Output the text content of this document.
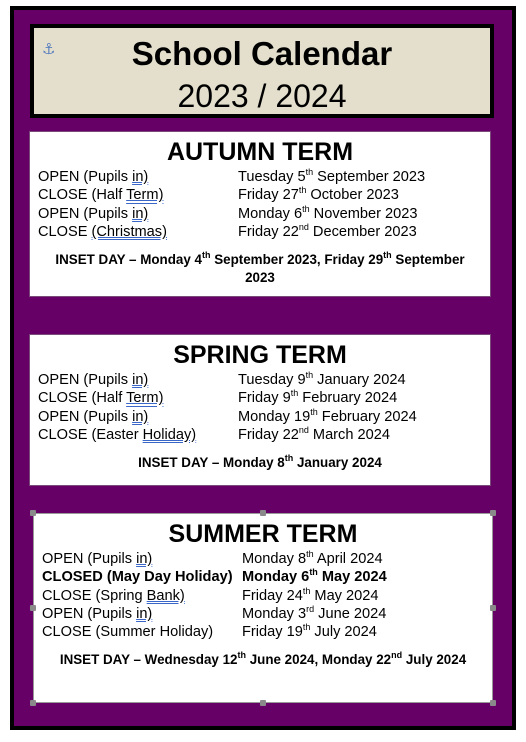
⚓	School Calendar
2023 / 2024
AUTUMN TERM
OPEN (Pupils in)	Tuesday 5th September 2023
CLOSE (Half Term)	Friday 27th October 2023
OPEN (Pupils in)	Monday 6th November 2023
CLOSE (Christmas)	Friday 22nd December 2023
INSET DAY – Monday 4th September 2023, Friday 29th September 2023
SPRING TERM
OPEN (Pupils in)	Tuesday 9th January 2024
CLOSE (Half Term)	Friday 9th February 2024
OPEN (Pupils in)	Monday 19th February 2024
CLOSE (Easter Holiday)	Friday 22nd March 2024
INSET DAY – Monday 8th January 2024
SUMMER TERM
OPEN (Pupils in)	Monday 8th April 2024
CLOSED (May Day Holiday) Monday 6th May 2024
CLOSE (Spring Bank)	Friday 24th May 2024
OPEN (Pupils in)	Monday 3rd June 2024
CLOSE (Summer Holiday) Friday 19th July 2024
INSET DAY – Wednesday 12th June 2024, Monday 22nd July 2024
